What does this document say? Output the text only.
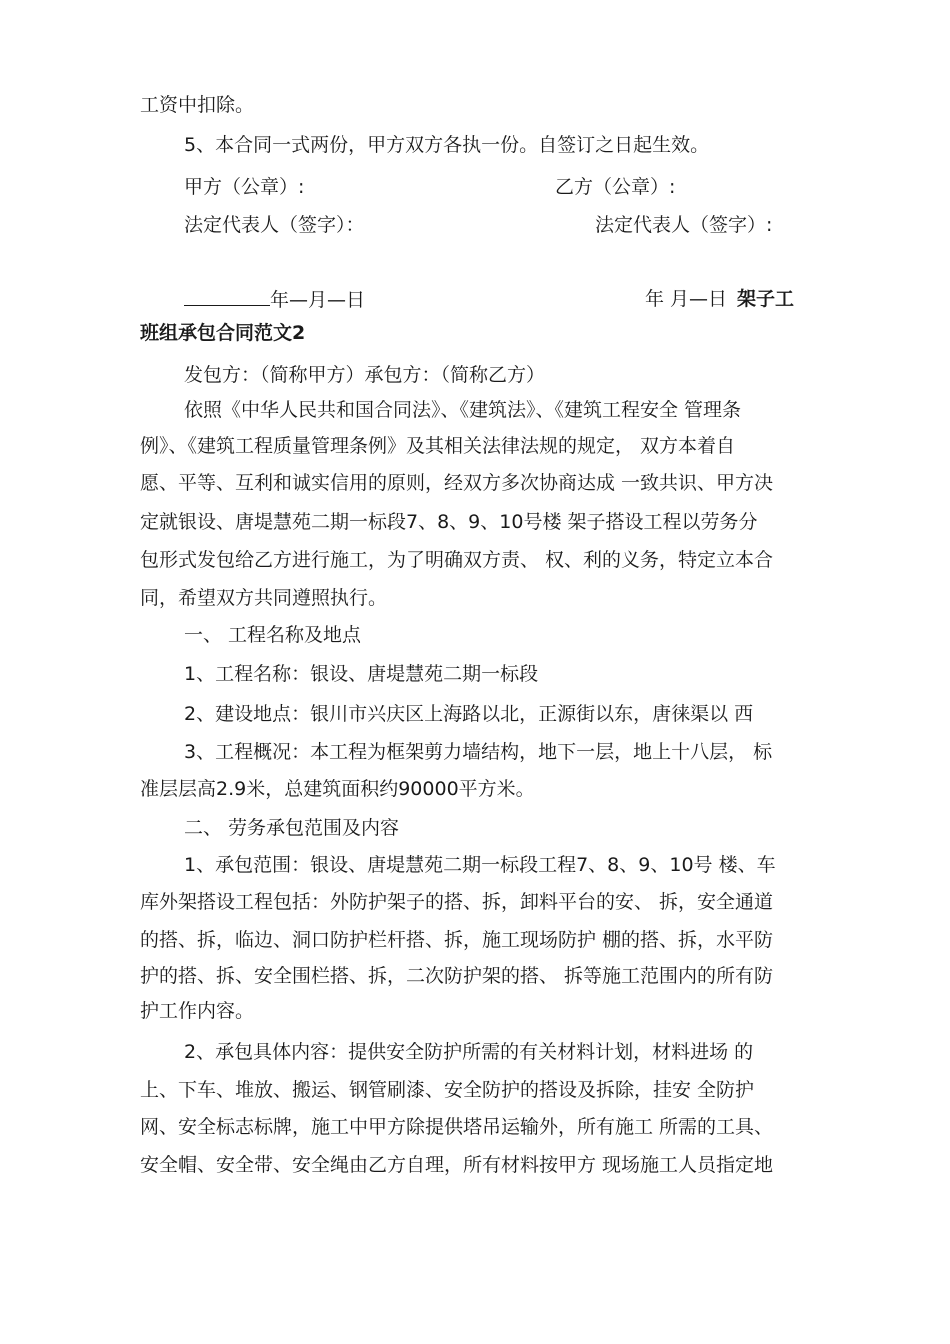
工资中扣除。
5、本合同一式两份，甲方双方各执一份。自签订之日起生效。
甲方（公章）:	乙方（公章）:
法定代表人（签字）：	法定代表人（签字）:
年—月—日	年 月—日 架子工
班组承包合同范文2
发包方：（简称甲方）承包方：（简称乙方）
依照《中华人民共和国合同法》、《建筑法》、《建筑工程安全 管理条
例》、《建筑工程质量管理条例》及其相关法律法规的规定， 双方本着自
愿、平等、互利和诚实信用的原则，经双方多次协商达成 一致共识、甲方决
定就银设、唐堤慧苑二期一标段7、8、9、10号楼 架子搭设工程以劳务分
包形式发包给乙方进行施工，为了明确双方责、 权、利的义务，特定立本合
同，希望双方共同遵照执行。
一、 工程名称及地点
1、工程名称：银设、唐堤慧苑二期一标段
2、建设地点：银川市兴庆区上海路以北，正源街以东，唐徕渠以 西
3、工程概况：本工程为框架剪力墙结构，地下一层，地上十八层， 标
准层层高2.9米，总建筑面积约90000平方米。
二、 劳务承包范围及内容
1、承包范围：银设、唐堤慧苑二期一标段工程7、8、9、10号 楼、车
库外架搭设工程包括：外防护架子的搭、拆，卸料平台的安、 拆，安全通道
的搭、拆，临边、洞口防护栏杆搭、拆，施工现场防护 棚的搭、拆，水平防
护的搭、拆、安全围栏搭、拆，二次防护架的搭、 拆等施工范围内的所有防
护工作内容。
2、承包具体内容：提供安全防护所需的有关材料计划，材料进场 的
上、下车、堆放、搬运、钢管刷漆、安全防护的搭设及拆除，挂安 全防护
网、安全标志标牌，施工中甲方除提供塔吊运输外，所有施工 所需的工具、
安全帽、安全带、安全绳由乙方自理，所有材料按甲方 现场施工人员指定地
